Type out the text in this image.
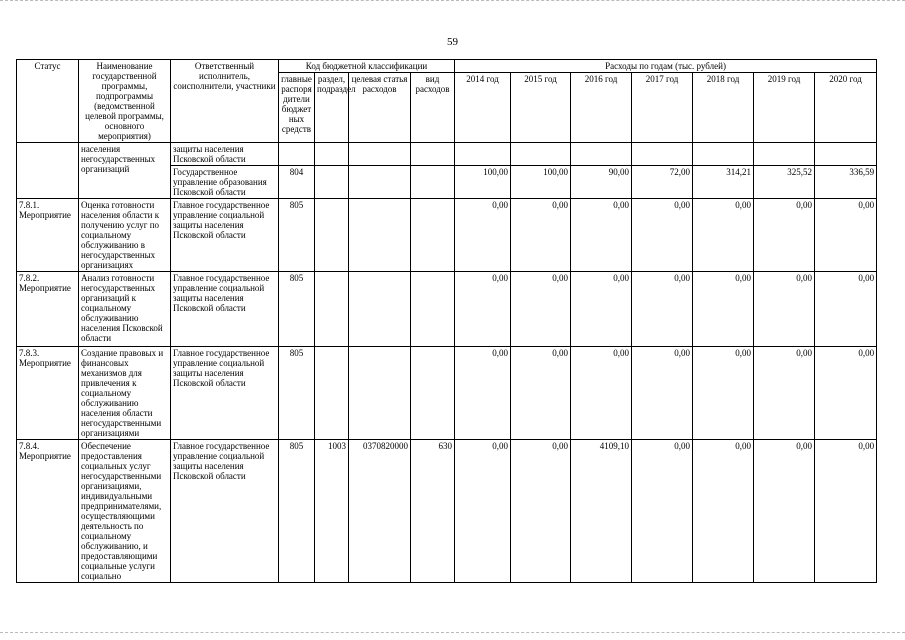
59
Статус	Наименование государственной программы, подпрограммы (ведомственной целевой программы, основного мероприятия)	Ответственный исполнитель, соисполнители, участники	Код бюджетной классификации				Расходы по годам (тыс. рублей)						
			главные распоря дители бюджет ных средств	раздел, подраздел	целевая статья расходов	вид расходов	2014 год	2015 год	2016 год	2017 год	2018 год	2019 год	2020 год
	населения негосударственных организаций	защиты населения Псковской области											
		Государственное управление образования Псковской области	804				100,00	100,00	90,00	72,00	314,21	325,52	336,59
7.8.1. Мероприятие	Оценка готовности населения области к получению услуг по социальному обслуживанию в негосударственных организациях	Главное государственное управление социальной защиты населения Псковской области	805				0,00	0,00	0,00	0,00	0,00	0,00	0,00
7.8.2. Мероприятие	Анализ готовности негосударственных организаций к социальному обслуживанию населения Псковской области	Главное государственное управление социальной защиты населения Псковской области	805				0,00	0,00	0,00	0,00	0,00	0,00	0,00
7.8.3. Мероприятие	Создание правовых и финансовых механизмов для привлечения к социальному обслуживанию населения области негосударственными организациями	Главное государственное управление социальной защиты населения Псковской области	805				0,00	0,00	0,00	0,00	0,00	0,00	0,00
7.8.4. Мероприятие	Обеспечение предоставления социальных услуг негосударственными организациями, индивидуальными предпринимателями, осуществляющими деятельность по социальному обслуживанию, и предоставляющими социальные услуги социально	Главное государственное управление социальной защиты населения Псковской области	805	1003	0370820000	630	0,00	0,00	4109,10	0,00	0,00	0,00	0,00
